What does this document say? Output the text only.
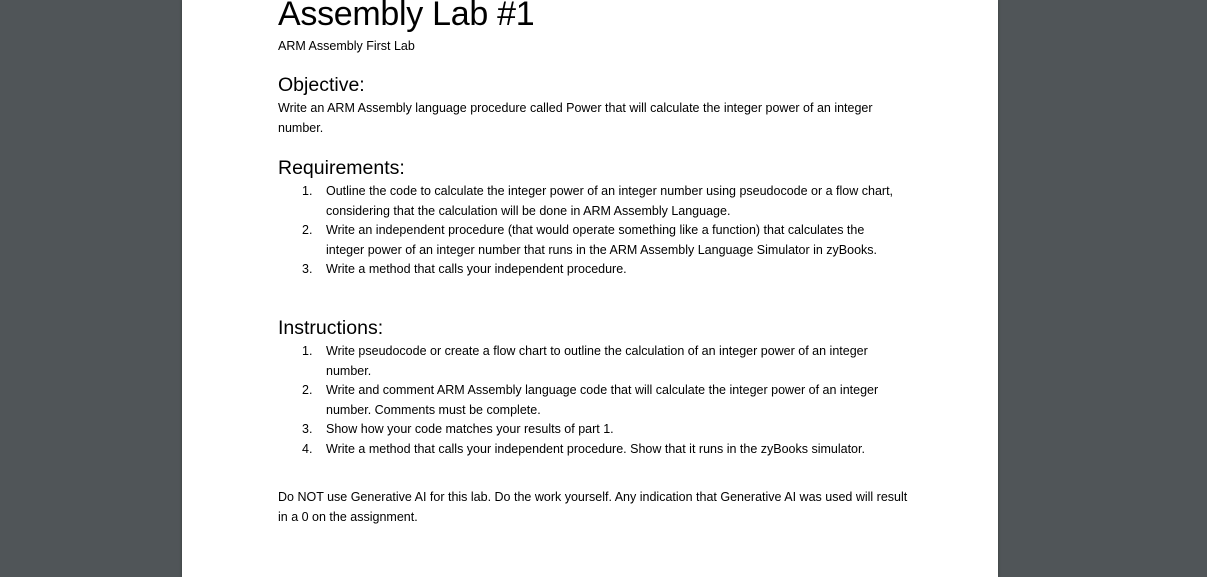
Assembly Lab #1
ARM Assembly First Lab
Objective:
Write an ARM Assembly language procedure called Power that will calculate the integer power of an integer number.
Requirements:
1. Outline the code to calculate the integer power of an integer number using pseudocode or a flow chart, considering that the calculation will be done in ARM Assembly Language.
2. Write an independent procedure (that would operate something like a function) that calculates the integer power of an integer number that runs in the ARM Assembly Language Simulator in zyBooks.
3. Write a method that calls your independent procedure.
Instructions:
1. Write pseudocode or create a flow chart to outline the calculation of an integer power of an integer number.
2. Write and comment ARM Assembly language code that will calculate the integer power of an integer number. Comments must be complete.
3. Show how your code matches your results of part 1.
4. Write a method that calls your independent procedure. Show that it runs in the zyBooks simulator.
Do NOT use Generative AI for this lab. Do the work yourself. Any indication that Generative AI was used will result in a 0 on the assignment.
